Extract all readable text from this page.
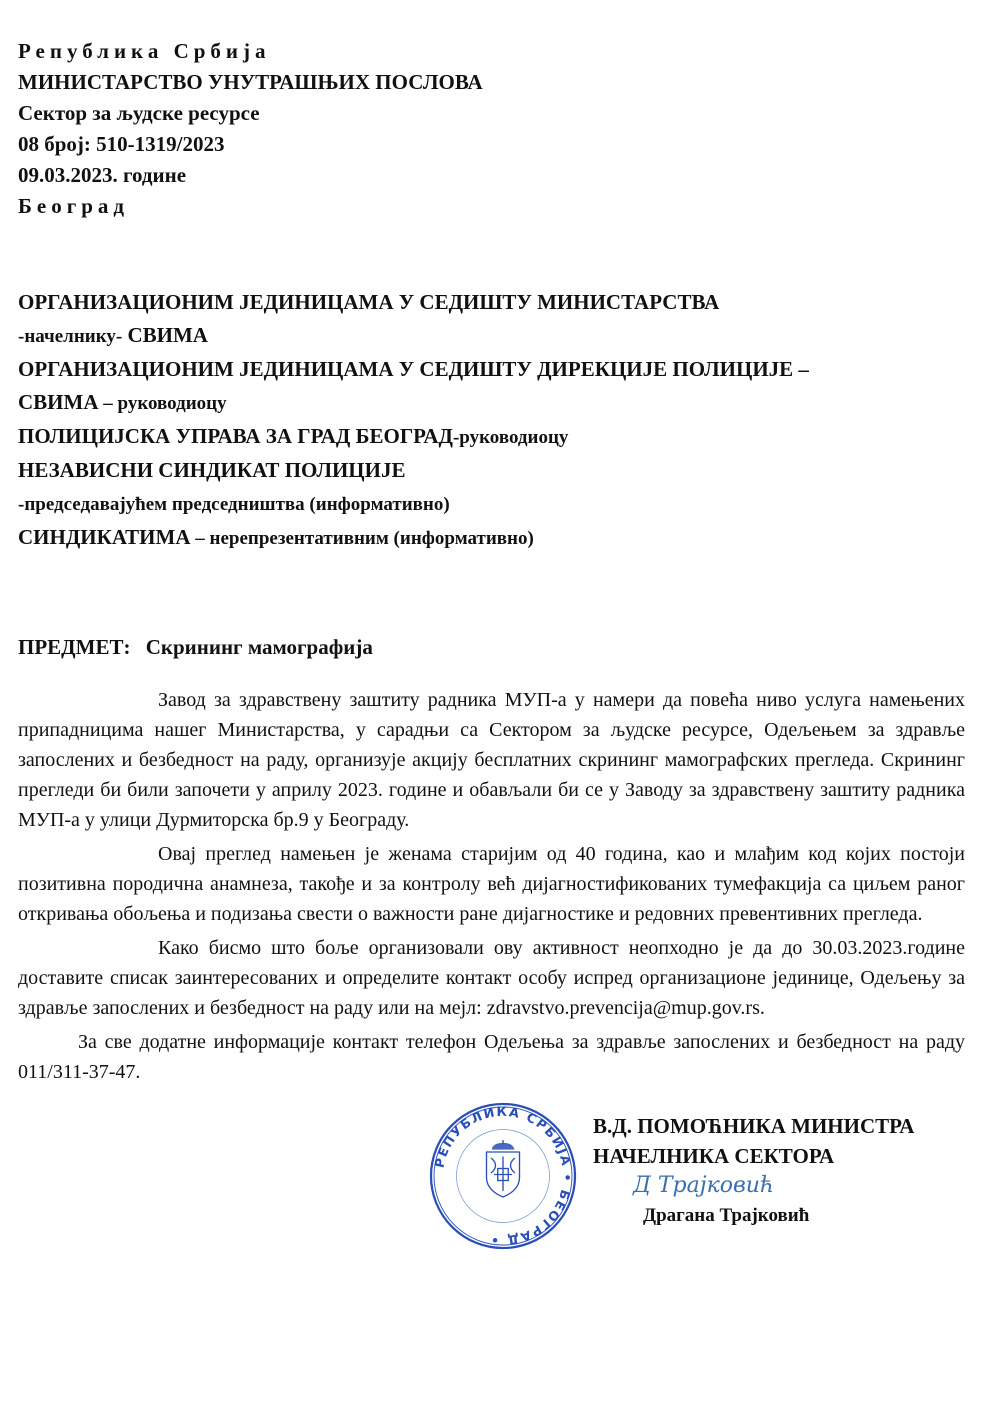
Република Србија
МИНИСТАРСТВО УНУТРАШЊИХ ПОСЛОВА
Сектор за људске ресурсе
08 број: 510-1319/2023
09.03.2023. године
Београд
ОРГАНИЗАЦИОНИМ ЈЕДИНИЦАМА У СЕДИШТУ МИНИСТАРСТВА
-начелнику- СВИМА
ОРГАНИЗАЦИОНИМ ЈЕДИНИЦАМА У СЕДИШТУ ДИРЕКЦИЈЕ ПОЛИЦИЈЕ –
СВИМА – руководиоцу
ПОЛИЦИЈСКА УПРАВА ЗА ГРАД БЕОГРАД-руководиоцу
НЕЗАВИСНИ СИНДИКАТ ПОЛИЦИЈЕ
-председавајућем председништва (информативно)
СИНДИКАТИМА – нерепрезентативним (информативно)
ПРЕДМЕТ: Скрининг мамографија

Завод за здравствену заштиту радника МУП-а у намери да повећа ниво услуга намењених припадницима нашег Министарства, у сарадњи са Сектором за људске ресурсе, Одељењем за здравље запослених и безбедност на раду, организује акцију бесплатних скрининг мамографских прегледа. Скрининг прегледи би били започети у априлу 2023. године и обављали би се у Заводу за здравствену заштиту радника МУП-а у улици Дурмиторска бр.9 у Београду.

Овај преглед намењен је женама старијим од 40 година, као и млађим код којих постоји позитивна породична анамнеза, такође и за контролу већ дијагностификованих тумефакција са циљем раног откривања обољења и подизања свести о важности ране дијагностике и редовних превентивних прегледа.

Како бисмо што боље организовали ову активност неопходно је да до 30.03.2023.године доставите списак заинтересованих и определите контакт особу испред организационе јединице, Одељењу за здравље запослених и безбедност на раду или на мејл: zdravstvo.prevencija@mup.gov.rs.

За све додатне информације контакт телефон Одељења за здравље запослених и безбедност на раду 011/311-37-47.

РЕПУБЛИКА СРБИЈА • БЕОГРАД •
В.Д. ПОМОЋНИКА МИНИСТРА
НАЧЕЛНИКА СЕКТОРА
Д Трајковић
Драгана Трајковић
